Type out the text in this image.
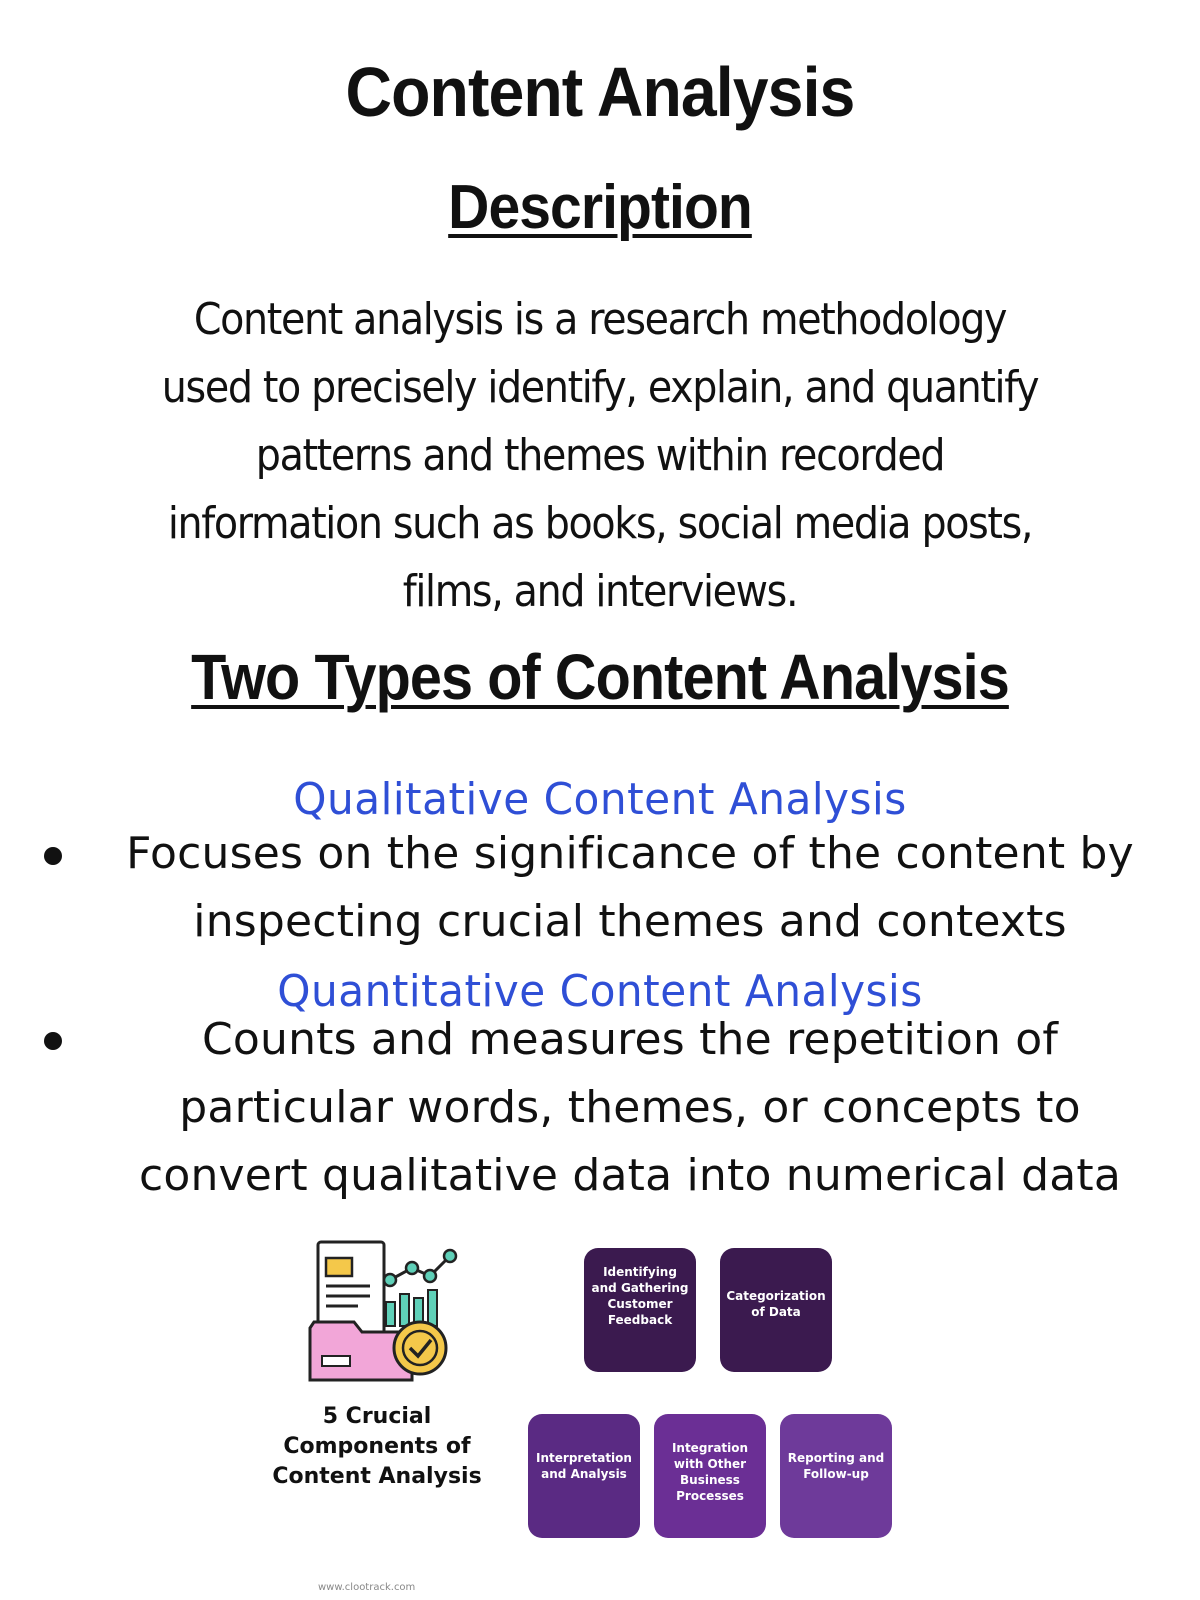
Content Analysis
Description
Content analysis is a research methodology
used to precisely identify, explain, and quantify
patterns and themes within recorded
information such as books, social media posts,
films, and interviews.
Two Types of Content Analysis
Qualitative Content Analysis
Focuses on the significance of the content by
inspecting crucial themes and contexts
Quantitative Content Analysis
Counts and measures the repetition of
particular words, themes, or concepts to
convert qualitative data into numerical data
5 Crucial
Components of
Content Analysis
Identifying and Gathering Customer Feedback
Categorization of Data
Interpretation and Analysis
Integration with Other Business Processes
Reporting and Follow-up
www.clootrack.com
